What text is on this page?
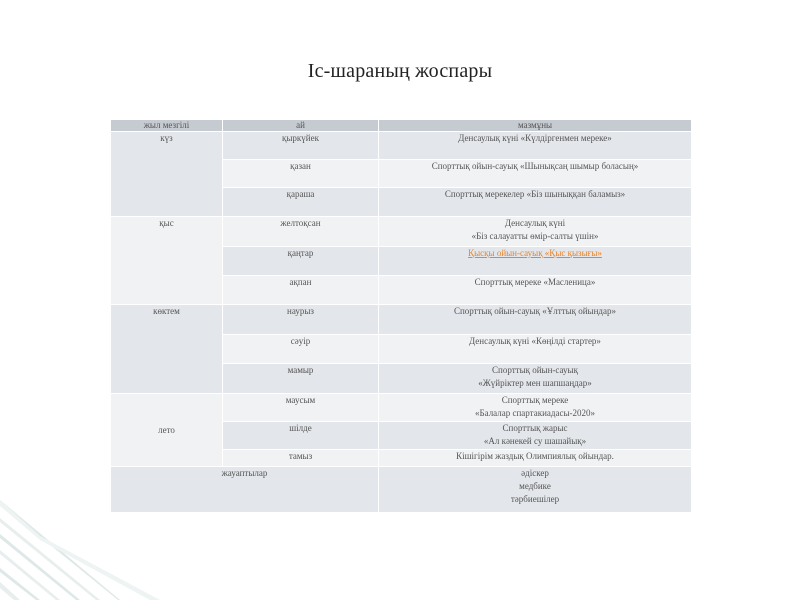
Іс-шараның жоспары
жыл мезгілі	ай	мазмұны
күз	қыркүйек	Денсаулық күні «Күлдіргенмен мереке»

	қазан	Спорттық ойын-сауық «Шынықсаң шымыр боласың»

	қараша	Спорттық мерекелер «Біз шыныққан баламыз»

қыс	желтоқсан	Денсаулық күні
«Біз салауатты өмір-салты үшін»

	қаңтар	Қысқы ойын-сауық «Қыс қызығы»

	ақпан	Спорттық мереке «Масленица»

көктем	наурыз	Спорттық ойын-сауық «Ұлттық ойындар»

	сәуір	Денсаулық күні «Көңілді стартер»

	мамыр	Спорттық ойын-сауық
«Жүйріктер мен шапшаңдар»

лето	маусым	Спорттық мереке
«Балалар спартакиадасы-2020»

	шілде	Спорттық жарыс
«Ал кәнекей су шашайық»

	тамыз	Кішігірім жаздық Олимпиялық ойындар.

жауаптылар		әдіскер
медбике
тәрбиешілер
